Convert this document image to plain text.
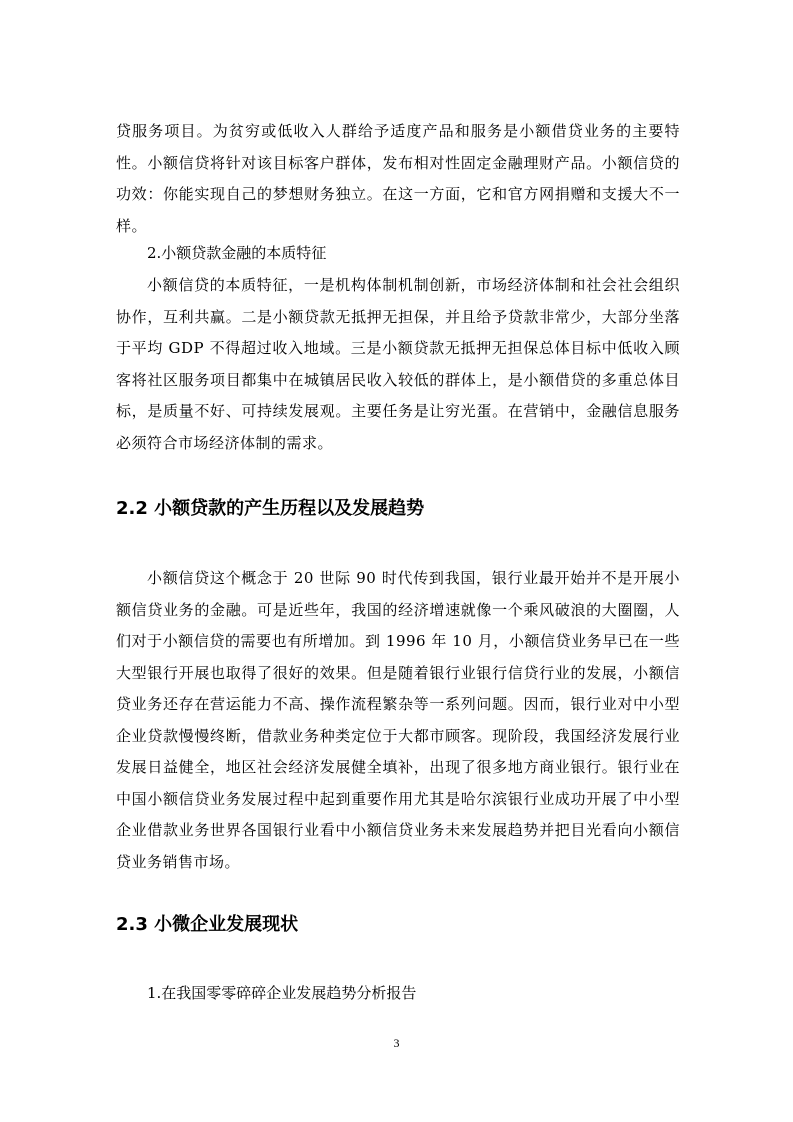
贷服务项目。为贫穷或低收入人群给予适度产品和服务是小额借贷业务的主要特性。小额信贷将针对该目标客户群体，发布相对性固定金融理财产品。小额信贷的功效：你能实现自己的梦想财务独立。在这一方面，它和官方网捐赠和支援大不一样。

2.小额贷款金融的本质特征

小额信贷的本质特征，一是机构体制机制创新，市场经济体制和社会社会组织协作，互利共赢。二是小额贷款无抵押无担保，并且给予贷款非常少，大部分坐落于平均 GDP 不得超过收入地域。三是小额贷款无抵押无担保总体目标中低收入顾客将社区服务项目都集中在城镇居民收入较低的群体上，是小额借贷的多重总体目标，是质量不好、可持续发展观。主要任务是让穷光蛋。在营销中，金融信息服务必须符合市场经济体制的需求。

2.2 小额贷款的产生历程以及发展趋势

小额信贷这个概念于 20 世际 90 时代传到我国，银行业最开始并不是开展小额信贷业务的金融。可是近些年，我国的经济增速就像一个乘风破浪的大圈圈，人们对于小额信贷的需要也有所增加。到 1996 年 10 月，小额信贷业务早已在一些大型银行开展也取得了很好的效果。但是随着银行业银行信贷行业的发展，小额信贷业务还存在营运能力不高、操作流程繁杂等一系列问题。因而，银行业对中小型企业贷款慢慢终断，借款业务种类定位于大都市顾客。现阶段，我国经济发展行业发展日益健全，地区社会经济发展健全填补，出现了很多地方商业银行。银行业在中国小额信贷业务发展过程中起到重要作用尤其是哈尔滨银行业成功开展了中小型企业借款业务世界各国银行业看中小额信贷业务未来发展趋势并把目光看向小额信贷业务销售市场。

2.3 小微企业发展现状

1.在我国零零碎碎企业发展趋势分析报告

3
